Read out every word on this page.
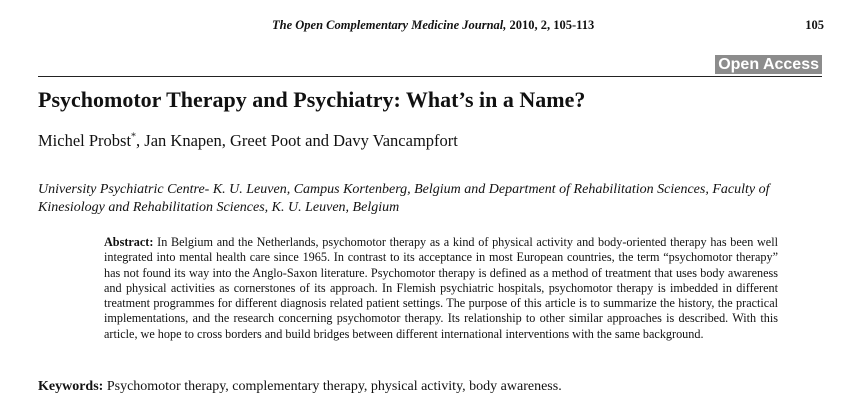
The Open Complementary Medicine Journal, 2010, 2, 105-113	105
Open Access
Psychomotor Therapy and Psychiatry: What’s in a Name?
Michel Probst*, Jan Knapen, Greet Poot and Davy Vancampfort
University Psychiatric Centre- K. U. Leuven, Campus Kortenberg, Belgium and Department of Rehabilitation Sciences, Faculty of Kinesiology and Rehabilitation Sciences, K. U. Leuven, Belgium
Abstract: In Belgium and the Netherlands, psychomotor therapy as a kind of physical activity and body-oriented therapy has been well integrated into mental health care since 1965. In contrast to its acceptance in most European countries, the term “psychomotor therapy” has not found its way into the Anglo-Saxon literature. Psychomotor therapy is defined as a method of treatment that uses body awareness and physical activities as cornerstones of its approach. In Flemish psychiatric hospitals, psychomotor therapy is imbedded in different treatment programmes for different diagnosis related patient settings. The purpose of this article is to summarize the history, the practical implementations, and the research concerning psychomotor therapy. Its relationship to other similar approaches is described. With this article, we hope to cross borders and build bridges between different international interventions with the same background.
Keywords: Psychomotor therapy, complementary therapy, physical activity, body awareness.
